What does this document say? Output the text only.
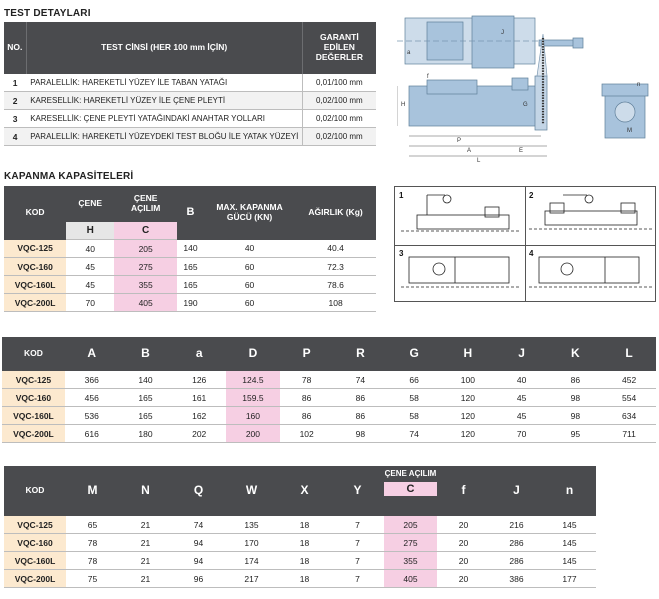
TEST DETAYLARI
NO.	TEST CİNSİ (HER 100 mm İÇİN)	GARANTİ EDİLEN DEĞERLER
1	PARALELLİK: HAREKETLİ YÜZEY İLE TABAN YATAĞI	0,01/100 mm
2	KARESELLİK: HAREKETLİ YÜZEY İLE ÇENE PLEYTİ	0,02/100 mm
3	KARESELLİK: ÇENE PLEYTİ YATAĞINDAKİ ANAHTAR YOLLARI	0,02/100 mm
4	PARALELLİK: HAREKETLİ YÜZEYDEKİ TEST BLOĞU İLE YATAK YÜZEYİ	0,02/100 mm
H
f
G
J
a
n
P
A
L
E
M
KAPANMA KAPASİTELERİ
KOD	ÇENE	ÇENE AÇILIM	B	MAX. KAPANMA GÜCÜ (KN)	AĞIRLIK (Kg)
	H	C			
VQC-125	40	205	140	40	40.4
VQC-160	45	275	165	60	72.3
VQC-160L	45	355	165	60	78.6
VQC-200L	70	405	190	60	108
1	2
3	4
KOD	A	B	a	D	P	R	G	H	J	K	L
VQC-125	366	140	126	124.5	78	74	66	100	40	86	452
VQC-160	456	165	161	159.5	86	86	58	120	45	98	554
VQC-160L	536	165	162	160	86	86	58	120	45	98	634
VQC-200L	616	180	202	200	102	98	74	120	70	95	711
KOD	M	N	Q	W	X	Y	ÇENE AÇILIM
C	f	J	n

VQC-125	65	21	74	135	18	7	205	20	216	145
VQC-160	78	21	94	170	18	7	275	20	286	145
VQC-160L	78	21	94	174	18	7	355	20	286	145
VQC-200L	75	21	96	217	18	7	405	20	386	177
